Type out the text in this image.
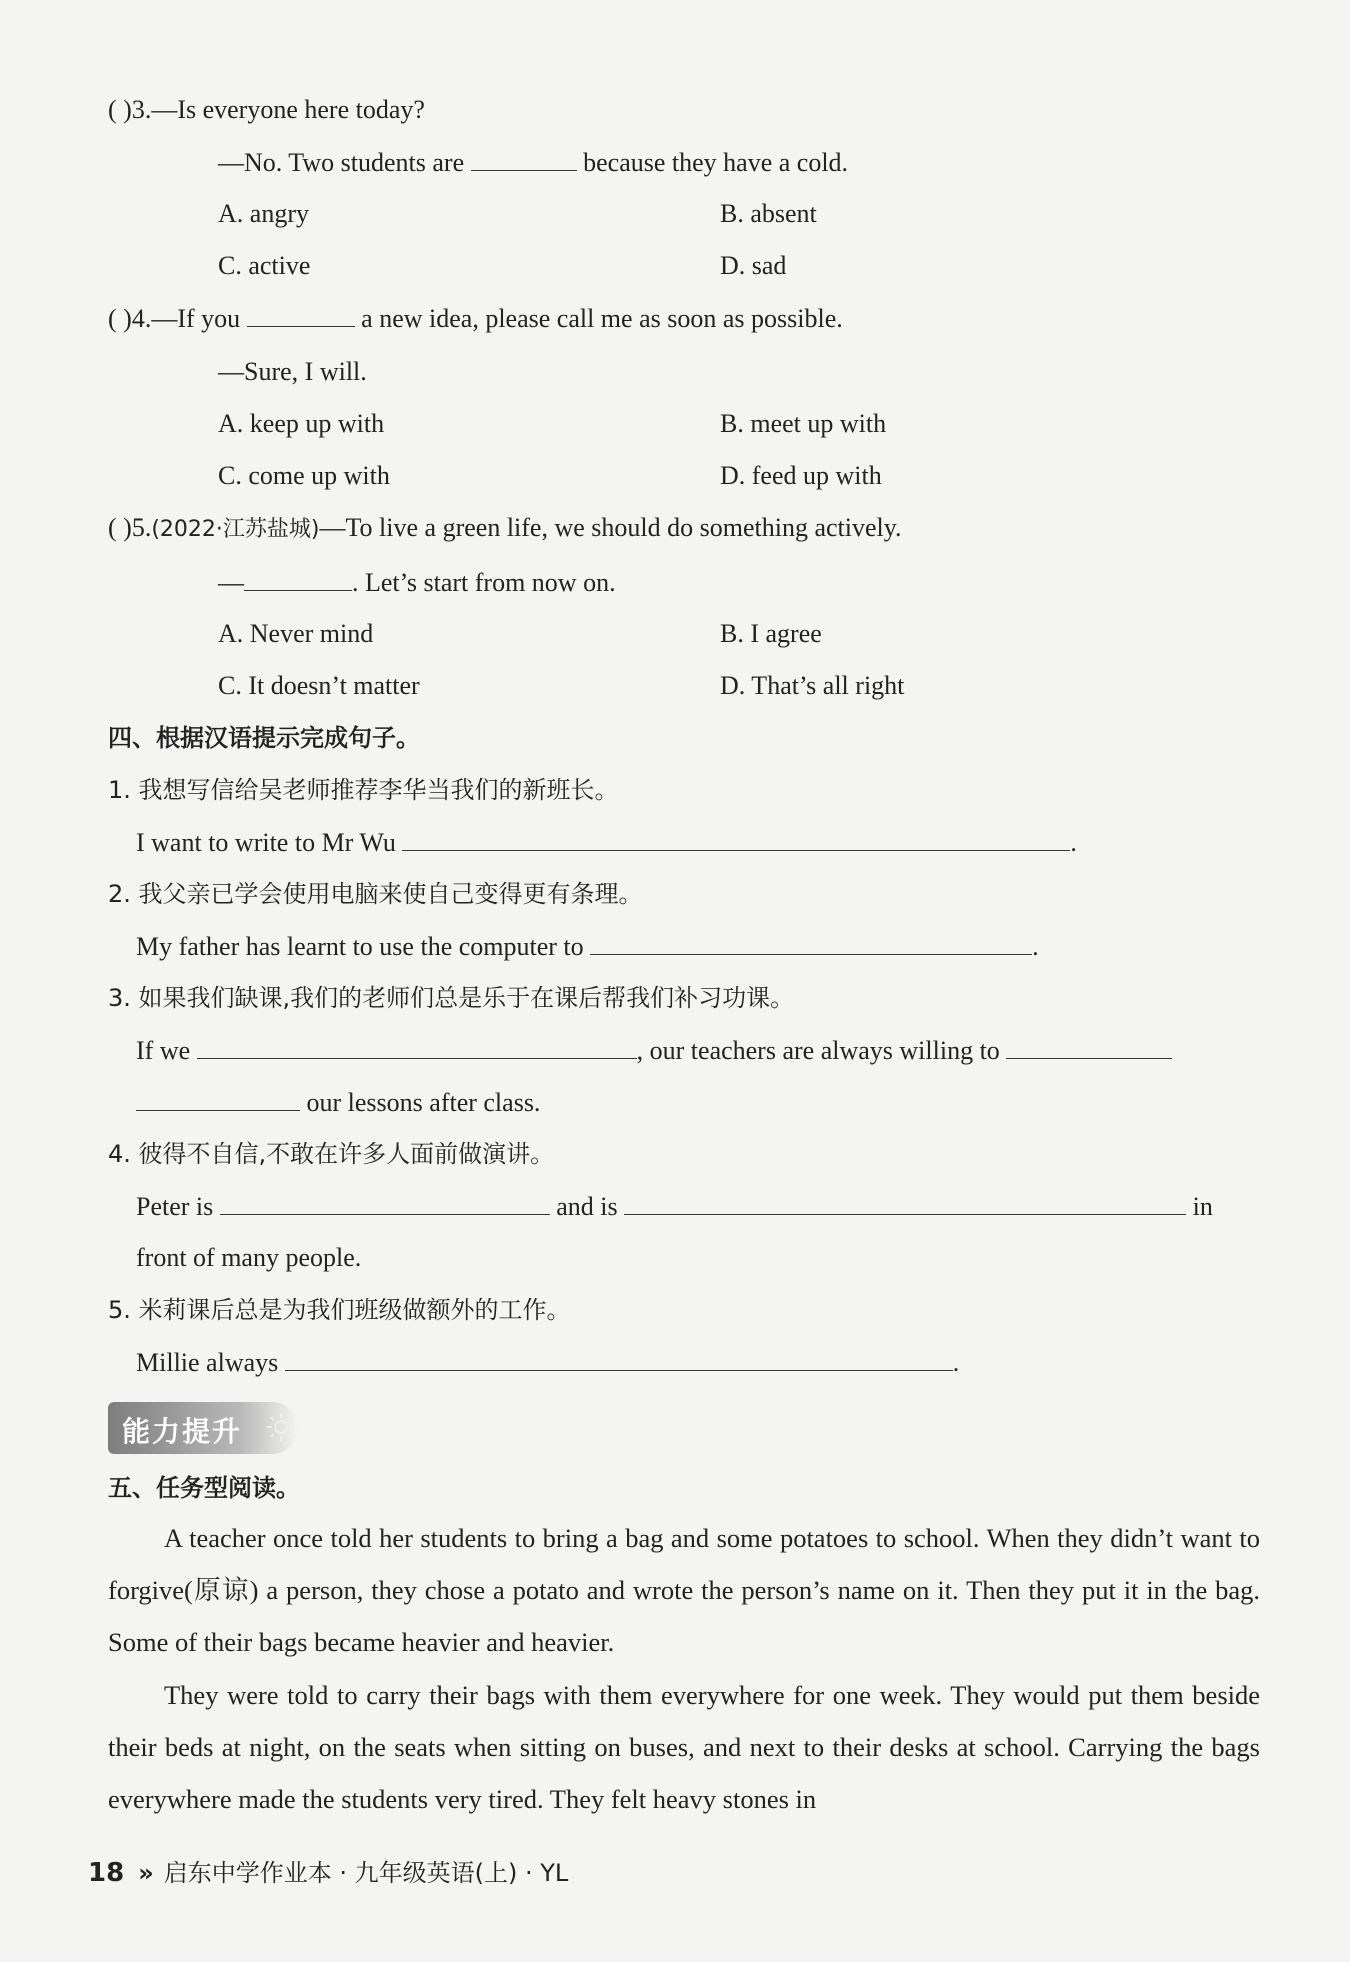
( )3.—Is everyone here today?
—No. Two students are	because they have a cold.
A. angry	B. absent
C. active	D. sad
( )4.—If you	a new idea, please call me as soon as possible.
—Sure, I will.
A. keep up with	B. meet up with
C. come up with	D. feed up with
( )5.(2022·江苏盐城)—To live a green life, we should do something actively.
—	. Let’s start from now on.
A. Never mind	B. I agree
C. It doesn’t matter	D. That’s all right
四、根据汉语提示完成句子。
1. 我想写信给吴老师推荐李华当我们的新班长。
I want to write to Mr Wu	.
2. 我父亲已学会使用电脑来使自己变得更有条理。
My father has learnt to use the computer to	.
3. 如果我们缺课,我们的老师们总是乐于在课后帮我们补习功课。
If we	, our teachers are always willing to
our lessons after class.
4. 彼得不自信,不敢在许多人面前做演讲。
Peter is	and is	in
front of many people.
5. 米莉课后总是为我们班级做额外的工作。
Millie always	.
能力提升
五、任务型阅读。
A teacher once told her students to bring a bag and some potatoes to school. When they didn’t want to forgive(原谅) a person, they chose a potato and wrote the person’s name on it. Then they put it in the bag. Some of their bags became heavier and heavier.
They were told to carry their bags with them everywhere for one week. They would put them beside their beds at night, on the seats when sitting on buses, and next to their desks at school. Carrying the bags everywhere made the students very tired. They felt heavy stones in
18 » 启东中学作业本 · 九年级英语(上) · YL
